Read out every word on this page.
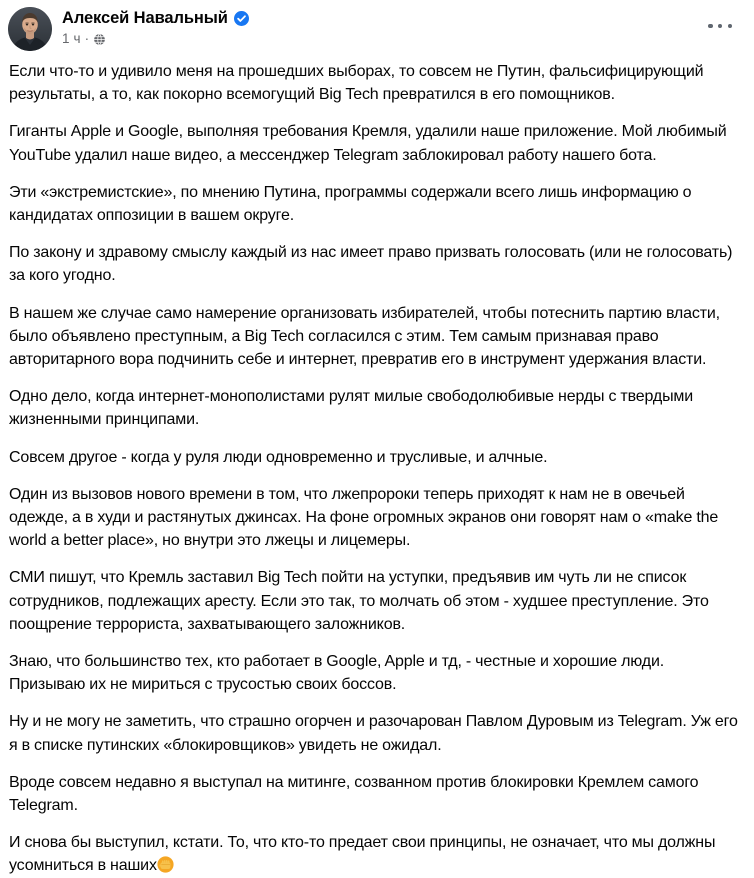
Алексей Навальный
1 ч ·

Если что-то и удивило меня на прошедших выборах, то совсем не Путин, фальсифицирующий результаты, а то, как покорно всемогущий Big Tech превратился в его помощников.

Гиганты Apple и Google, выполняя требования Кремля, удалили наше приложение. Мой любимый YouTube удалил наше видео, а мессенджер Telegram заблокировал работу нашего бота.

Эти «экстремистские», по мнению Путина, программы содержали всего лишь информацию о кандидатах оппозиции в вашем округе.

По закону и здравому смыслу каждый из нас имеет право призвать голосовать (или не голосовать) за кого угодно.

В нашем же случае само намерение организовать избирателей, чтобы потеснить партию власти, было объявлено преступным, а Big Tech согласился с этим. Тем самым признавая право авторитарного вора подчинить себе и интернет, превратив его в инструмент удержания власти.

Одно дело, когда интернет-монополистами рулят милые свободолюбивые нерды с твердыми жизненными принципами.

Совсем другое - когда у руля люди одновременно и трусливые, и алчные.

Один из вызовов нового времени в том, что лжепророки теперь приходят к нам не в овечьей одежде, а в худи и растянутых джинсах. На фоне огромных экранов они говорят нам о «make the world a better place», но внутри это лжецы и лицемеры.

СМИ пишут, что Кремль заставил Big Tech пойти на уступки, предъявив им чуть ли не список сотрудников, подлежащих аресту. Если это так, то молчать об этом - худшее преступление. Это поощрение террориста, захватывающего заложников.

Знаю, что большинство тех, кто работает в Google, Apple и тд, - честные и хорошие люди. Призываю их не мириться с трусостью своих боссов.

Ну и не могу не заметить, что страшно огорчен и разочарован Павлом Дуровым из Telegram. Уж его я в списке путинских «блокировщиков» увидеть не ожидал.

Вроде совсем недавно я выступал на митинге, созванном против блокировки Кремлем самого Telegram.

И снова бы выступил, кстати. То, что кто-то предает свои принципы, не означает, что мы должны усомниться в наших
